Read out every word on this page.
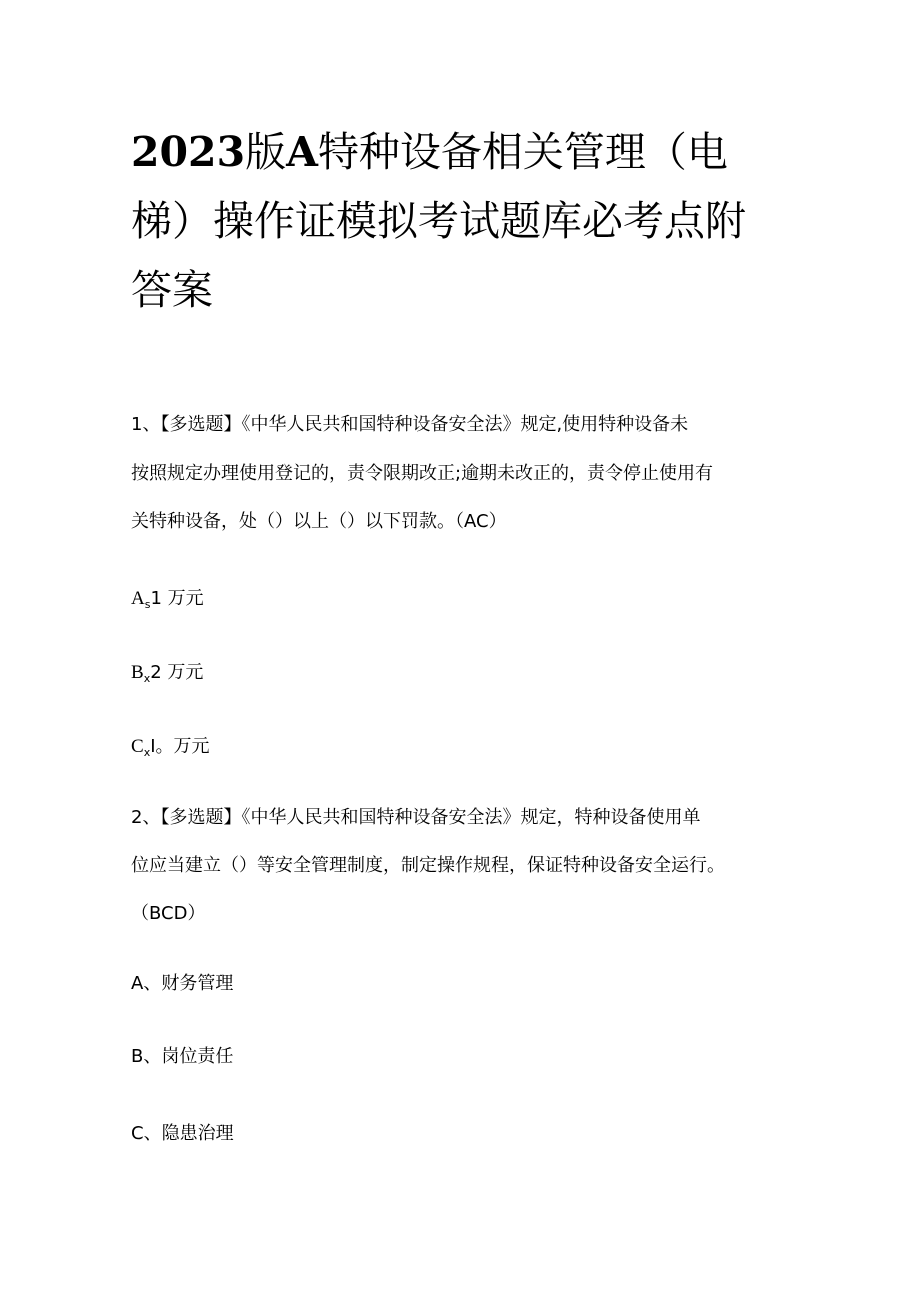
2023版A特种设备相关管理（电
梯）操作证模拟考试题库必考点附
答案
1、【多选题】《中华人民共和国特种设备安全法》规定,使用特种设备未
按照规定办理使用登记的，责令限期改正;逾期未改正的，责令停止使用有
关特种设备，处（）以上（）以下罚款。（AC）
$A_s1$ 万元
$B_x2$ 万元
$C_xI$。万元
2、【多选题】《中华人民共和国特种设备安全法》规定，特种设备使用单
位应当建立（）等安全管理制度，制定操作规程，保证特种设备安全运行。
（BCD）
A、财务管理
B、岗位责任
C、隐患治理
